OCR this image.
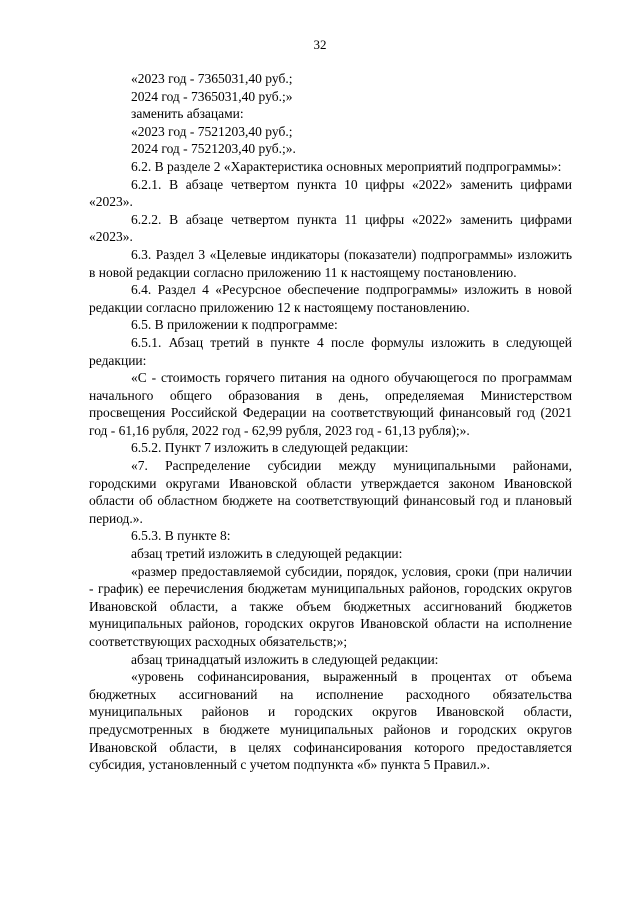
32

«2023 год - 7365031,40 руб.;

2024 год - 7365031,40 руб.;»

заменить абзацами:

«2023 год - 7521203,40 руб.;

2024 год - 7521203,40 руб.;».

6.2. В разделе 2 «Характеристика основных мероприятий подпрограммы»:

6.2.1. В абзаце четвертом пункта 10 цифры «2022» заменить цифрами «2023».

6.2.2. В абзаце четвертом пункта 11 цифры «2022» заменить цифрами «2023».

6.3. Раздел 3 «Целевые индикаторы (показатели) подпрограммы» изложить в новой редакции согласно приложению 11 к настоящему постановлению.

6.4. Раздел 4 «Ресурсное обеспечение подпрограммы» изложить в новой редакции согласно приложению 12 к настоящему постановлению.

6.5. В приложении к подпрограмме:

6.5.1. Абзац третий в пункте 4 после формулы изложить в следующей редакции:

«С - стоимость горячего питания на одного обучающегося по программам начального общего образования в день, определяемая Министерством просвещения Российской Федерации на соответствующий финансовый год (2021 год - 61,16 рубля, 2022 год - 62,99 рубля, 2023 год - 61,13 рубля);».

6.5.2. Пункт 7 изложить в следующей редакции:

«7. Распределение субсидии между муниципальными районами, городскими округами Ивановской области утверждается законом Ивановской области об областном бюджете на соответствующий финансовый год и плановый период.».

6.5.3. В пункте 8:

абзац третий изложить в следующей редакции:

«размер предоставляемой субсидии, порядок, условия, сроки (при наличии - график) ее перечисления бюджетам муниципальных районов, городских округов Ивановской области, а также объем бюджетных ассигнований бюджетов муниципальных районов, городских округов Ивановской области на исполнение соответствующих расходных обязательств;»;

абзац тринадцатый изложить в следующей редакции:

«уровень софинансирования, выраженный в процентах от объема бюджетных ассигнований на исполнение расходного обязательства муниципальных районов и городских округов Ивановской области, предусмотренных в бюджете муниципальных районов и городских округов Ивановской области, в целях софинансирования которого предоставляется субсидия, установленный с учетом подпункта «б» пункта 5 Правил.».
